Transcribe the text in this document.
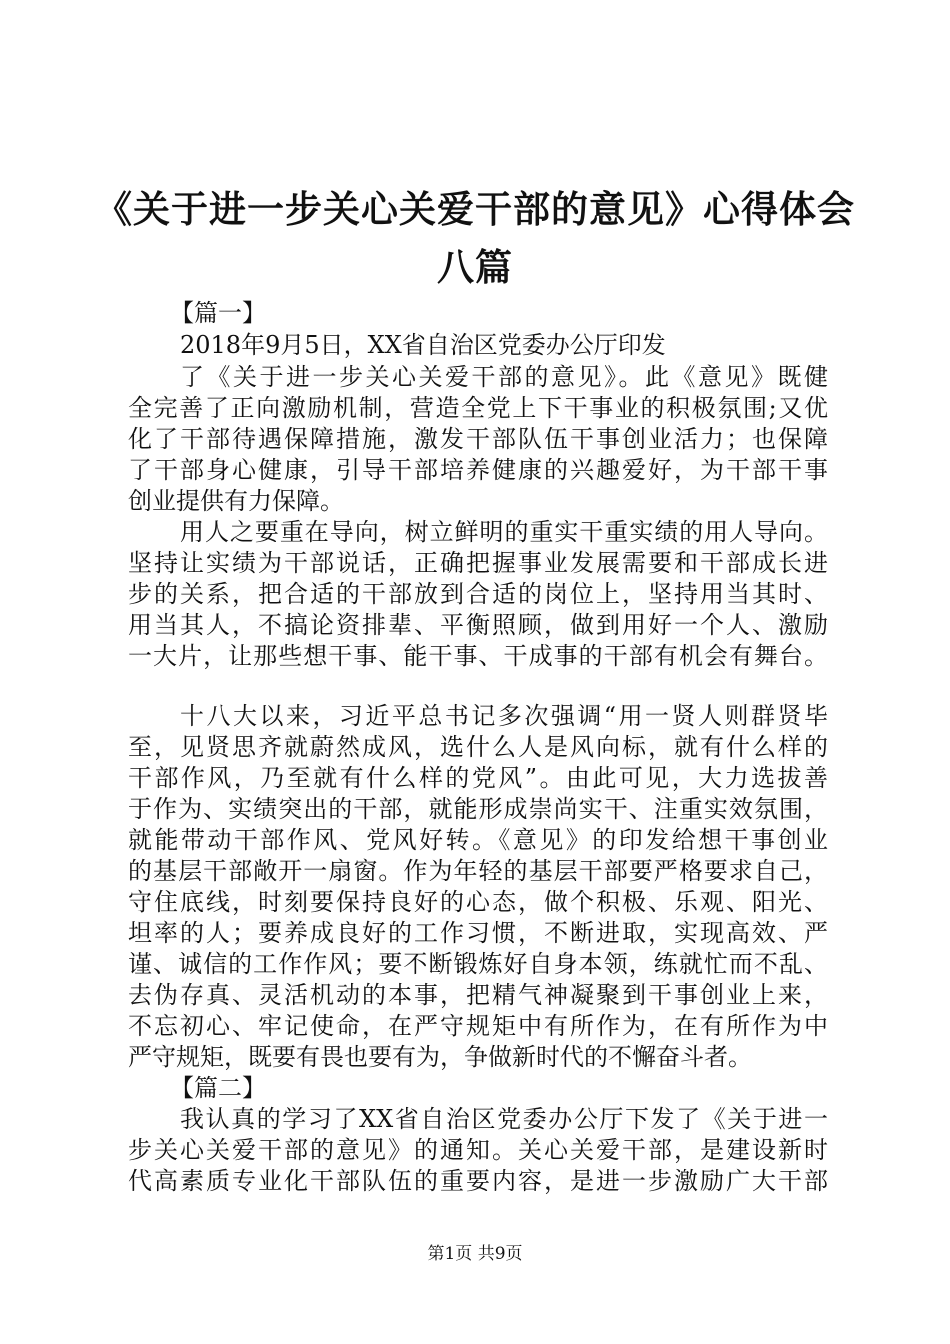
《关于进一步关心关爱干部的意见》心得体会
八篇
【篇一】
2018年9月5日，XX省自治区党委办公厅印发
了《关于进一步关心关爱干部的意见》。此《意见》既健
全完善了正向激励机制，营造全党上下干事业的积极氛围;又优
化了干部待遇保障措施，激发干部队伍干事创业活力；也保障
了干部身心健康，引导干部培养健康的兴趣爱好，为干部干事
创业提供有力保障。
用人之要重在导向，树立鲜明的重实干重实绩的用人导向。
坚持让实绩为干部说话，正确把握事业发展需要和干部成长进
步的关系，把合适的干部放到合适的岗位上，坚持用当其时、
用当其人，不搞论资排辈、平衡照顾，做到用好一个人、激励
一大片，让那些想干事、能干事、干成事的干部有机会有舞台。
十八大以来，习近平总书记多次强调“用一贤人则群贤毕
至，见贤思齐就蔚然成风，选什么人是风向标，就有什么样的
干部作风，乃至就有什么样的党风”。由此可见，大力选拔善
于作为、实绩突出的干部，就能形成崇尚实干、注重实效氛围，
就能带动干部作风、党风好转。《意见》的印发给想干事创业
的基层干部敞开一扇窗。作为年轻的基层干部要严格要求自己，
守住底线，时刻要保持良好的心态，做个积极、乐观、阳光、
坦率的人；要养成良好的工作习惯，不断进取，实现高效、严
谨、诚信的工作作风；要不断锻炼好自身本领，练就忙而不乱、
去伪存真、灵活机动的本事，把精气神凝聚到干事创业上来，
不忘初心、牢记使命，在严守规矩中有所作为，在有所作为中
严守规矩，既要有畏也要有为，争做新时代的不懈奋斗者。
【篇二】
我认真的学习了XX省自治区党委办公厅下发了《关于进一
步关心关爱干部的意见》的通知。关心关爱干部，是建设新时
代高素质专业化干部队伍的重要内容，是进一步激励广大干部
第1页 共9页
